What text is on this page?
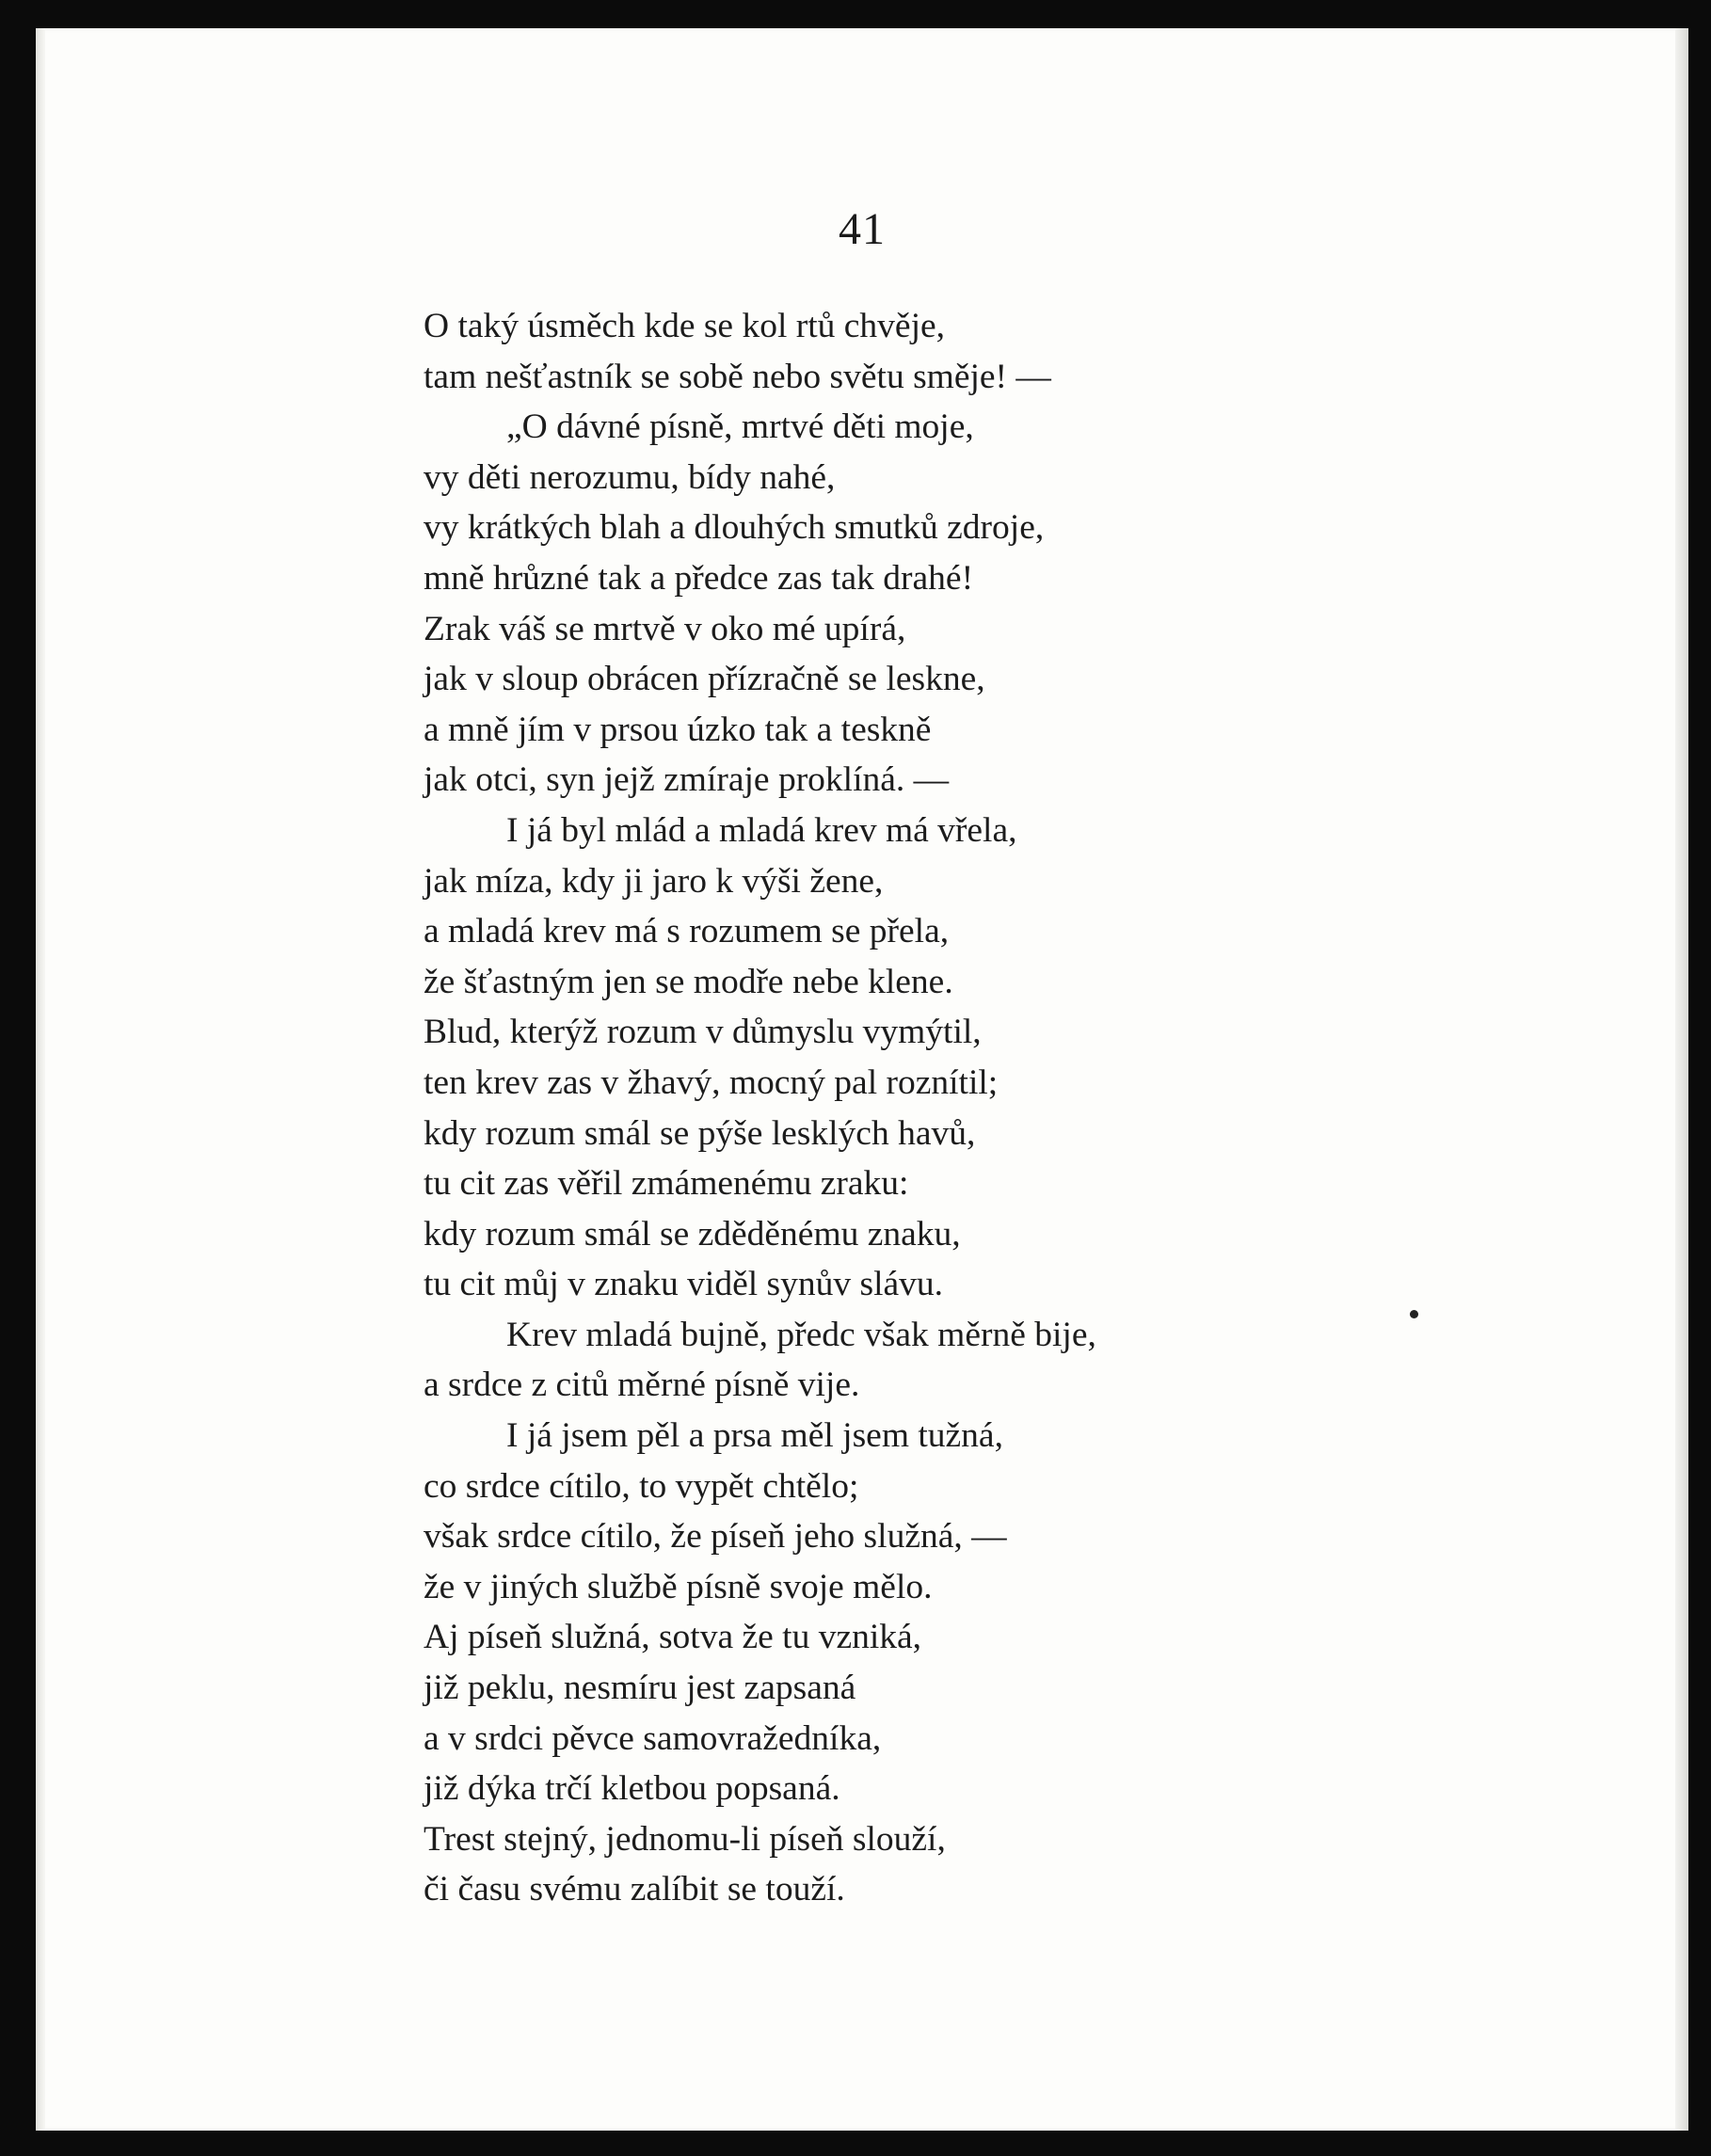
41
O taký úsměch kde se kol rtů chvěje,
tam nešťastník se sobě nebo světu směje! —
„O dávné písně, mrtvé děti moje,
vy děti nerozumu, bídy nahé,
vy krátkých blah a dlouhých smutků zdroje,
mně hrůzné tak a předce zas tak drahé!
Zrak váš se mrtvě v oko mé upírá,
jak v sloup obrácen přízračně se leskne,
a mně jím v prsou úzko tak a teskně
jak otci, syn jejž zmíraje proklíná. —
I já byl mlád a mladá krev má vřela,
jak míza, kdy ji jaro k výši žene,
a mladá krev má s rozumem se přela,
že šťastným jen se modře nebe klene.
Blud, kterýž rozum v důmyslu vymýtil,
ten krev zas v žhavý, mocný pal roznítil;
kdy rozum smál se pýše lesklých havů,
tu cit zas věřil zmámenému zraku:
kdy rozum smál se zděděnému znaku,
tu cit můj v znaku viděl synův slávu.
Krev mladá bujně, předc však měrně bije,
a srdce z citů měrné písně vije.
I já jsem pěl a prsa měl jsem tužná,
co srdce cítilo, to vypět chtělo;
však srdce cítilo, že píseň jeho služná, —
že v jiných službě písně svoje mělo.
Aj píseň služná, sotva že tu vzniká,
již peklu, nesmíru jest zapsaná
a v srdci pěvce samovražedníka,
již dýka trčí kletbou popsaná.
Trest stejný, jednomu-li píseň slouží,
či času svému zalíbit se touží.
